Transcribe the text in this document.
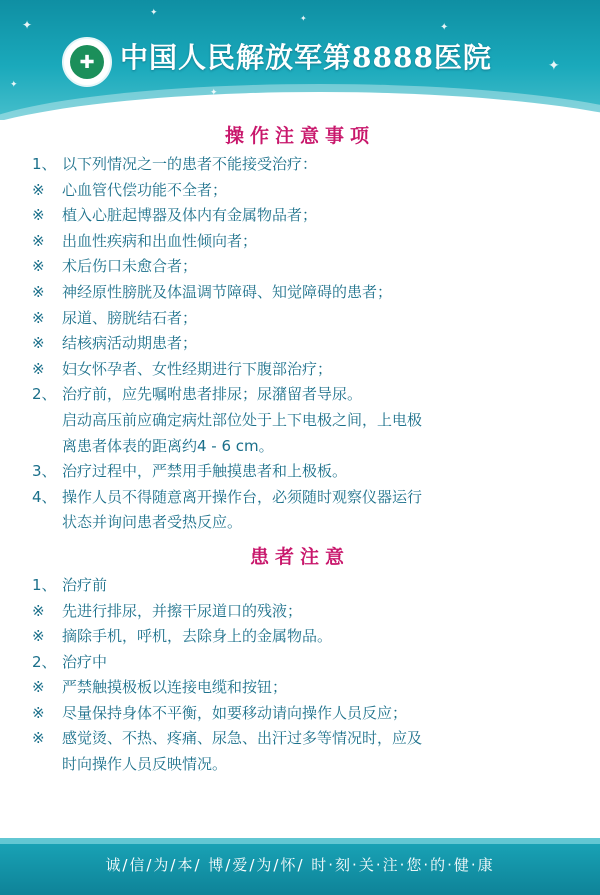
✦
✦
✦
✦
✦
✦
✦
✚ 中国人民解放军第8888医院
操作注意事项
1、 以下列情况之一的患者不能接受治疗：
※ 心血管代偿功能不全者；
※ 植入心脏起博器及体内有金属物品者；
※ 出血性疾病和出血性倾向者；
※ 术后伤口未愈合者；
※ 神经原性膀胱及体温调节障碍、知觉障碍的患者；
※ 尿道、膀胱结石者；
※ 结核病活动期患者；
※ 妇女怀孕者、女性经期进行下腹部治疗；
2、 治疗前，应先嘱咐患者排尿；尿潴留者导尿。
启动高压前应确定病灶部位处于上下电极之间，上电极
离患者体表的距离约4 - 6 cm。
3、 治疗过程中，严禁用手触摸患者和上极板。
4、 操作人员不得随意离开操作台，必须随时观察仪器运行
状态并询问患者受热反应。
患者注意
1、 治疗前
※ 先进行排尿，并擦干尿道口的残液；
※ 摘除手机，呼机，去除身上的金属物品。
2、 治疗中
※ 严禁触摸极板以连接电缆和按钮；
※ 尽量保持身体不平衡，如要移动请向操作人员反应；
※ 感觉烫、不热、疼痛、尿急、出汗过多等情况时，应及
时向操作人员反映情况。
诚/信/为/本/ 博/爱/为/怀/ 时·刻·关·注·您·的·健·康
